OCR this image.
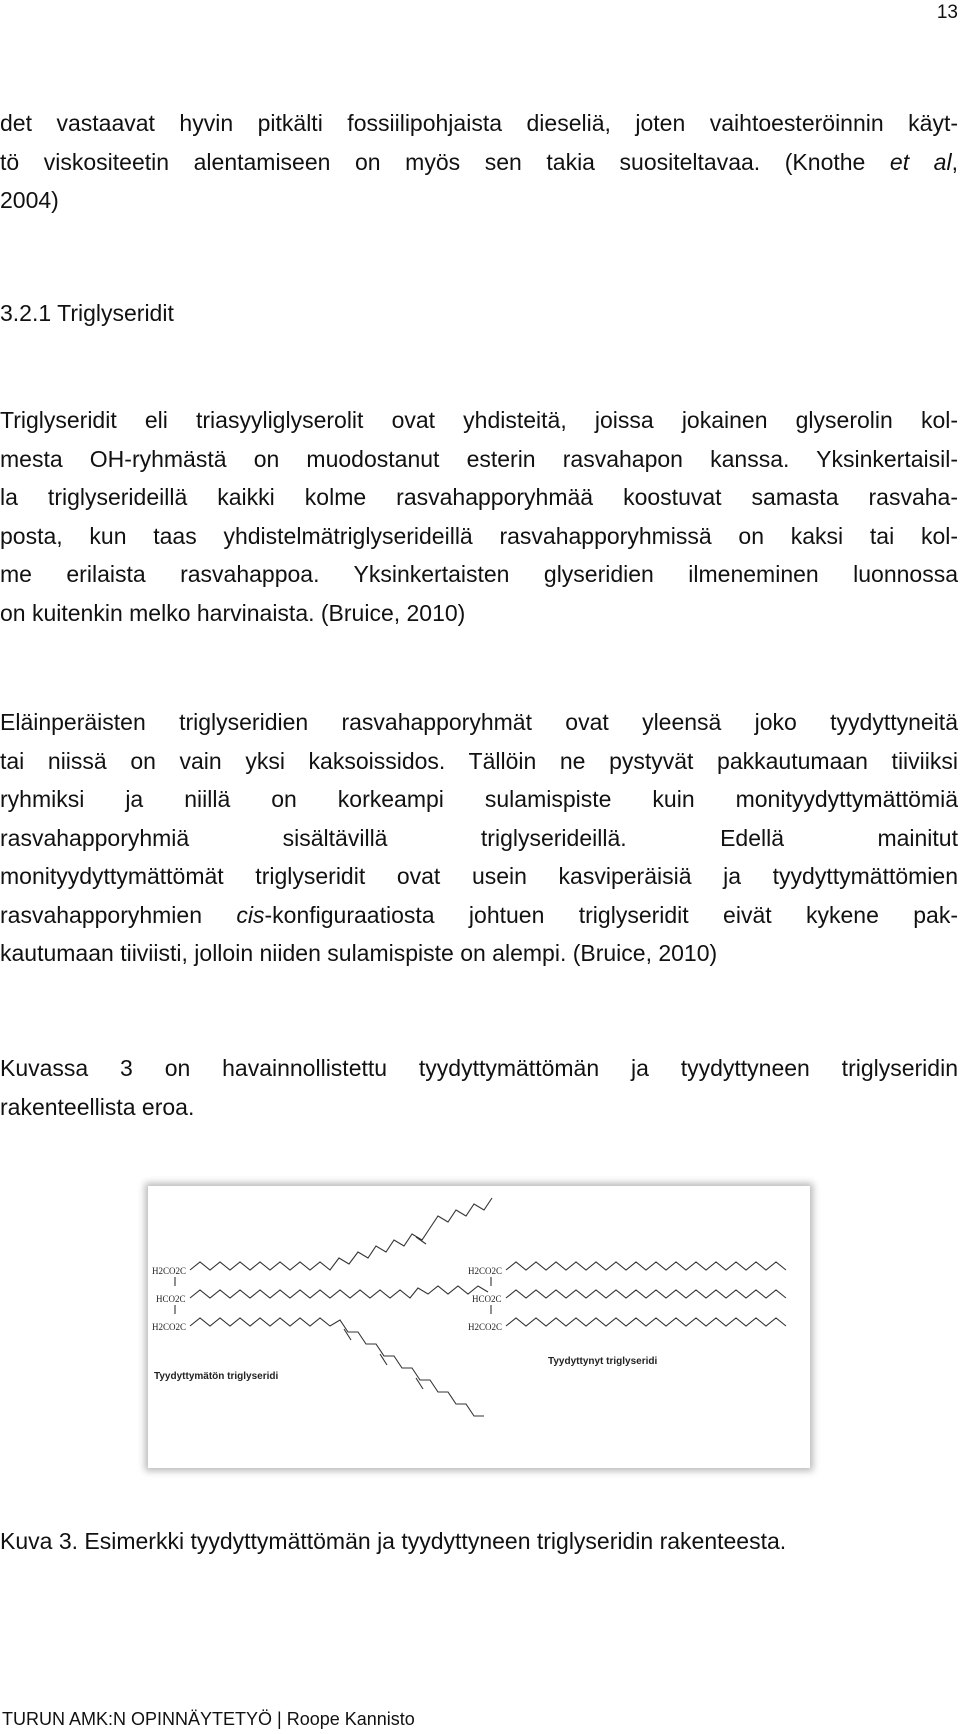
13
det vastaavat hyvin pitkälti fossiilipohjaista dieseliä, joten vaihtoesteröinnin käyt-
tö viskositeetin alentamiseen on myös sen takia suositeltavaa. (Knothe et al,
2004)
3.2.1 Triglyseridit
Triglyseridit eli triasyyliglyserolit ovat yhdisteitä, joissa jokainen glyserolin kol-
mesta OH-ryhmästä on muodostanut esterin rasvahapon kanssa. Yksinkertaisil-
la triglyserideillä kaikki kolme rasvahapporyhmää koostuvat samasta rasvaha-
posta, kun taas yhdistelmätriglyserideillä rasvahapporyhmissä on kaksi tai kol-
me erilaista rasvahappoa. Yksinkertaisten glyseridien ilmeneminen luonnossa
on kuitenkin melko harvinaista. (Bruice, 2010)
Eläinperäisten triglyseridien rasvahapporyhmät ovat yleensä joko tyydyttyneitä
tai niissä on vain yksi kaksoissidos. Tällöin ne pystyvät pakkautumaan tiiviiksi
ryhmiksi ja niillä on korkeampi sulamispiste kuin monityydyttymättömiä
rasvahapporyhmiä sisältävillä triglyserideillä. Edellä mainitut
monityydyttymättömät triglyseridit ovat usein kasviperäisiä ja tyydyttymättömien
rasvahapporyhmien cis-konfiguraatiosta johtuen triglyseridit eivät kykene pak-
kautumaan tiiviisti, jolloin niiden sulamispiste on alempi. (Bruice, 2010)
Kuvassa 3 on havainnollistettu tyydyttymättömän ja tyydyttyneen triglyseridin
rakenteellista eroa.
H2CO2C
HCO2C
H2CO2C
Tyydyttymätön triglyseridi
H2CO2C
HCO2C
H2CO2C
Tyydyttynyt triglyseridi
Kuva 3. Esimerkki tyydyttymättömän ja tyydyttyneen triglyseridin rakenteesta.
TURUN AMK:N OPINNÄYTETYÖ | Roope Kannisto
